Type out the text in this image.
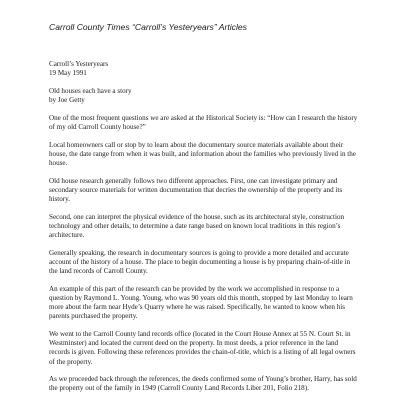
Carroll County Times “Carroll’s Yesteryears” Articles
Carroll’s Yesteryears
19 May 1991
Old houses each have a story
by Joe Getty

One of the most frequent questions we are asked at the Historical Society is: “How can I research the history of my old Carroll County house?”

Local homeowners call or stop by to learn about the documentary source materials available about their house, the date range from when it was built, and information about the families who previously lived in the house.

Old house research generally follows two different approaches. First, one can investigate primary and secondary source materials for written documentation that decries the ownership of the property and its history.

Second, one can interpret the physical evidence of the house, such as its architectural style, construction technology and other details, to determine a date range based on known local traditions in this region’s architecture.

Generally speaking, the research in documentary sources is going to provide a more detailed and accurate account of the history of a house. The place to begin documenting a house is by preparing chain-of-title in the land records of Carroll County.

An example of this part of the research can be provided by the work we accomplished in response to a question by Raymond L. Young. Young, who was 90 years old this month, stopped by last Monday to learn more about the farm near Hyde’s Quarry where he was raised. Specifically, he wanted to know when his parents purchased the property.

We went to the Carroll County land records office (located in the Court House Annex at 55 N. Court St. in Westminster) and located the current deed on the property. In most deeds, a prior reference in the land records is given. Following these references provides the chain-of-title, which is a listing of all legal owners of the property.

As we proceeded back through the references, the deeds confirmed some of Young’s brother, Harry, has sold the property out of the family in 1949 (Carroll County Land Records Liber 201, Folio 218).
